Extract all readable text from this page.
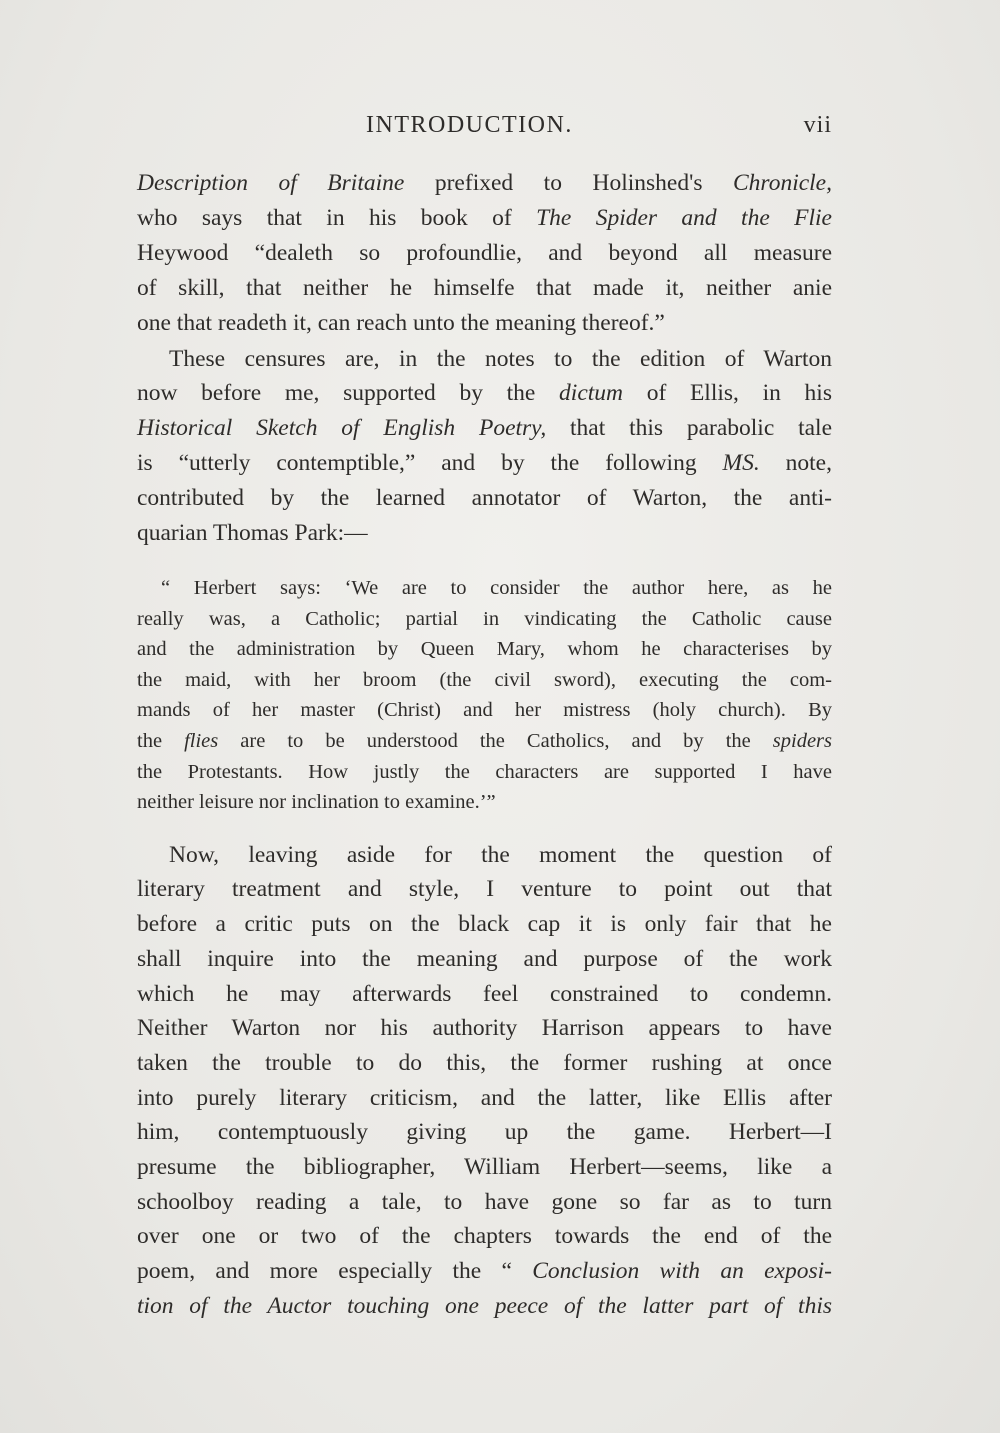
INTRODUCTION.	vii
Description of Britaine prefixed to Holinshed's Chronicle,
who says that in his book of The Spider and the Flie
Heywood “dealeth so profoundlie, and beyond all measure
of skill, that neither he himselfe that made it, neither anie
one that readeth it, can reach unto the meaning thereof.”
These censures are, in the notes to the edition of Warton
now before me, supported by the dictum of Ellis, in his
Historical Sketch of English Poetry, that this parabolic tale
is “utterly contemptible,” and by the following MS. note,
contributed by the learned annotator of Warton, the anti-
quarian Thomas Park:—
“ Herbert says: ‘We are to consider the author here, as he
really was, a Catholic; partial in vindicating the Catholic cause
and the administration by Queen Mary, whom he characterises by
the maid, with her broom (the civil sword), executing the com-
mands of her master (Christ) and her mistress (holy church). By
the flies are to be understood the Catholics, and by the spiders
the Protestants. How justly the characters are supported I have
neither leisure nor inclination to examine.’”
Now, leaving aside for the moment the question of
literary treatment and style, I venture to point out that
before a critic puts on the black cap it is only fair that he
shall inquire into the meaning and purpose of the work
which he may afterwards feel constrained to condemn.
Neither Warton nor his authority Harrison appears to have
taken the trouble to do this, the former rushing at once
into purely literary criticism, and the latter, like Ellis after
him, contemptuously giving up the game. Herbert—I
presume the bibliographer, William Herbert—seems, like a
schoolboy reading a tale, to have gone so far as to turn
over one or two of the chapters towards the end of the
poem, and more especially the “ Conclusion with an exposi-
tion of the Auctor touching one peece of the latter part of this
